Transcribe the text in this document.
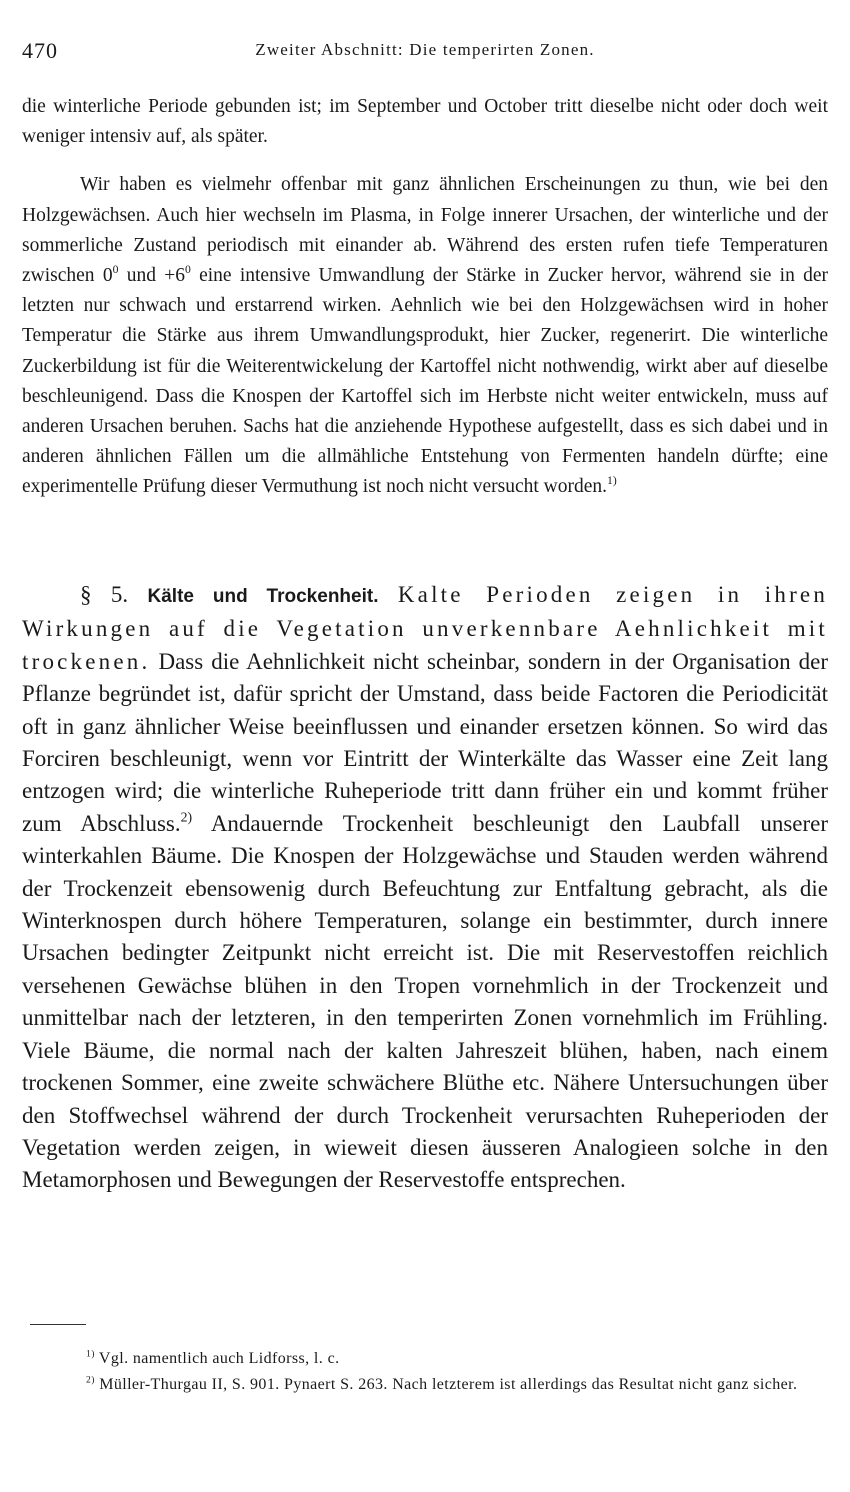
470	Zweiter Abschnitt: Die temperirten Zonen.

die winterliche Periode gebunden ist; im September und October tritt dieselbe nicht oder doch weit weniger intensiv auf, als später.

Wir haben es vielmehr offenbar mit ganz ähnlichen Erscheinungen zu thun, wie bei den Holzgewächsen. Auch hier wechseln im Plasma, in Folge innerer Ursachen, der winterliche und der sommerliche Zustand periodisch mit einander ab. Während des ersten rufen tiefe Temperaturen zwischen $0^0$ und $+6^0$ eine intensive Umwandlung der Stärke in Zucker hervor, während sie in der letzten nur schwach und erstarrend wirken. Aehnlich wie bei den Holzgewächsen wird in hoher Temperatur die Stärke aus ihrem Umwandlungsprodukt, hier Zucker, regenerirt. Die winterliche Zuckerbildung ist für die Weiterentwickelung der Kartoffel nicht nothwendig, wirkt aber auf dieselbe beschleunigend. Dass die Knospen der Kartoffel sich im Herbste nicht weiter entwickeln, muss auf anderen Ursachen beruhen. Sachs hat die anziehende Hypothese aufgestellt, dass es sich dabei und in anderen ähnlichen Fällen um die allmähliche Entstehung von Fermenten handeln dürfte; eine experimentelle Prüfung dieser Vermuthung ist noch nicht versucht worden.$^{1)}$

§ 5. Kälte und Trockenheit. Kalte Perioden zeigen in ihren Wirkungen auf die Vegetation unverkennbare Aehnlichkeit mit trockenen. Dass die Aehnlichkeit nicht scheinbar, sondern in der Organisation der Pflanze begründet ist, dafür spricht der Umstand, dass beide Factoren die Periodicität oft in ganz ähnlicher Weise beeinflussen und einander ersetzen können. So wird das Forciren beschleunigt, wenn vor Eintritt der Winterkälte das Wasser eine Zeit lang entzogen wird; die winterliche Ruheperiode tritt dann früher ein und kommt früher zum Abschluss.$^{2)}$ Andauernde Trockenheit beschleunigt den Laubfall unserer winterkahlen Bäume. Die Knospen der Holzgewächse und Stauden werden während der Trockenzeit ebensowenig durch Befeuchtung zur Entfaltung gebracht, als die Winterknospen durch höhere Temperaturen, solange ein bestimmter, durch innere Ursachen bedingter Zeitpunkt nicht erreicht ist. Die mit Reservestoffen reichlich versehenen Gewächse blühen in den Tropen vornehmlich in der Trockenzeit und unmittelbar nach der letzteren, in den temperirten Zonen vornehmlich im Frühling. Viele Bäume, die normal nach der kalten Jahreszeit blühen, haben, nach einem trockenen Sommer, eine zweite schwächere Blüthe etc. Nähere Untersuchungen über den Stoffwechsel während der durch Trockenheit verursachten Ruheperioden der Vegetation werden zeigen, in wieweit diesen äusseren Analogieen solche in den Metamorphosen und Bewegungen der Reservestoffe entsprechen.

$^{1)}$ Vgl. namentlich auch Lidforss, l. c.

$^{2)}$ Müller-Thurgau II, S. 901. Pynaert S. 263. Nach letzterem ist allerdings das Resultat nicht ganz sicher.
